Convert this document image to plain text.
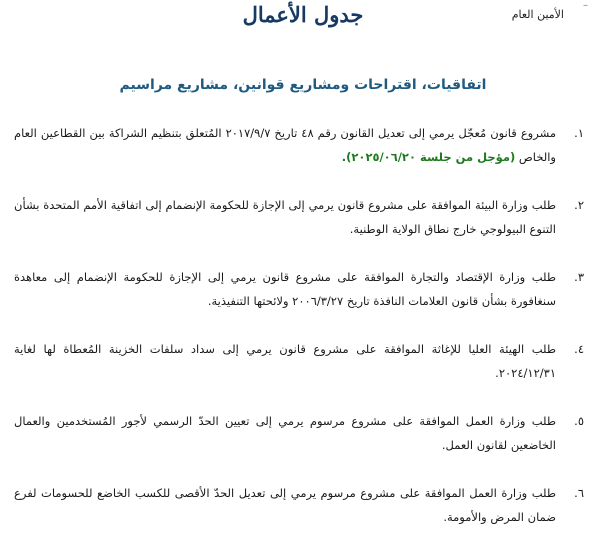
–
الأمين العام
جدول الأعمال
اتفاقيات، اقتراحات ومشاريع قوانين، مشاريع مراسيم
١.
مشروع قانون مُعجّل يرمي إلى تعديل القانون رقم ٤٨ تاريخ ٢٠١٧/٩/٧ المُتعلق بتنظيم الشراكة بين القطاعين العام والخاص (مؤجل من جلسة ٢٠٢٥/٠٦/٢٠).
٢.
طلب وزارة البيئة الموافقة على مشروع قانون يرمي إلى الإجازة للحكومة الإنضمام إلى اتفاقية الأمم المتحدة بشأن التنوع البيولوجي خارج نطاق الولاية الوطنية.
٣.
طلب وزارة الإقتصاد والتجارة الموافقة على مشروع قانون يرمي إلى الإجازة للحكومة الإنضمام إلى معاهدة سنغافورة بشأن قانون العلامات النافذة تاريخ ٢٠٠٦/٣/٢٧ ولائحتها التنفيذية.
٤.
طلب الهيئة العليا للإغاثة الموافقة على مشروع قانون يرمي إلى سداد سلفات الخزينة المُعطاة لها لغاية ٢٠٢٤/١٢/٣١.
٥.
طلب وزارة العمل الموافقة على مشروع مرسوم يرمي إلى تعيين الحدّ الرسمي لأجور المُستخدمين والعمال الخاضعين لقانون العمل.
٦.
طلب وزارة العمل الموافقة على مشروع مرسوم يرمي إلى تعديل الحدّ الأقصى للكسب الخاضع للحسومات لفرع ضمان المرض والأمومة.
